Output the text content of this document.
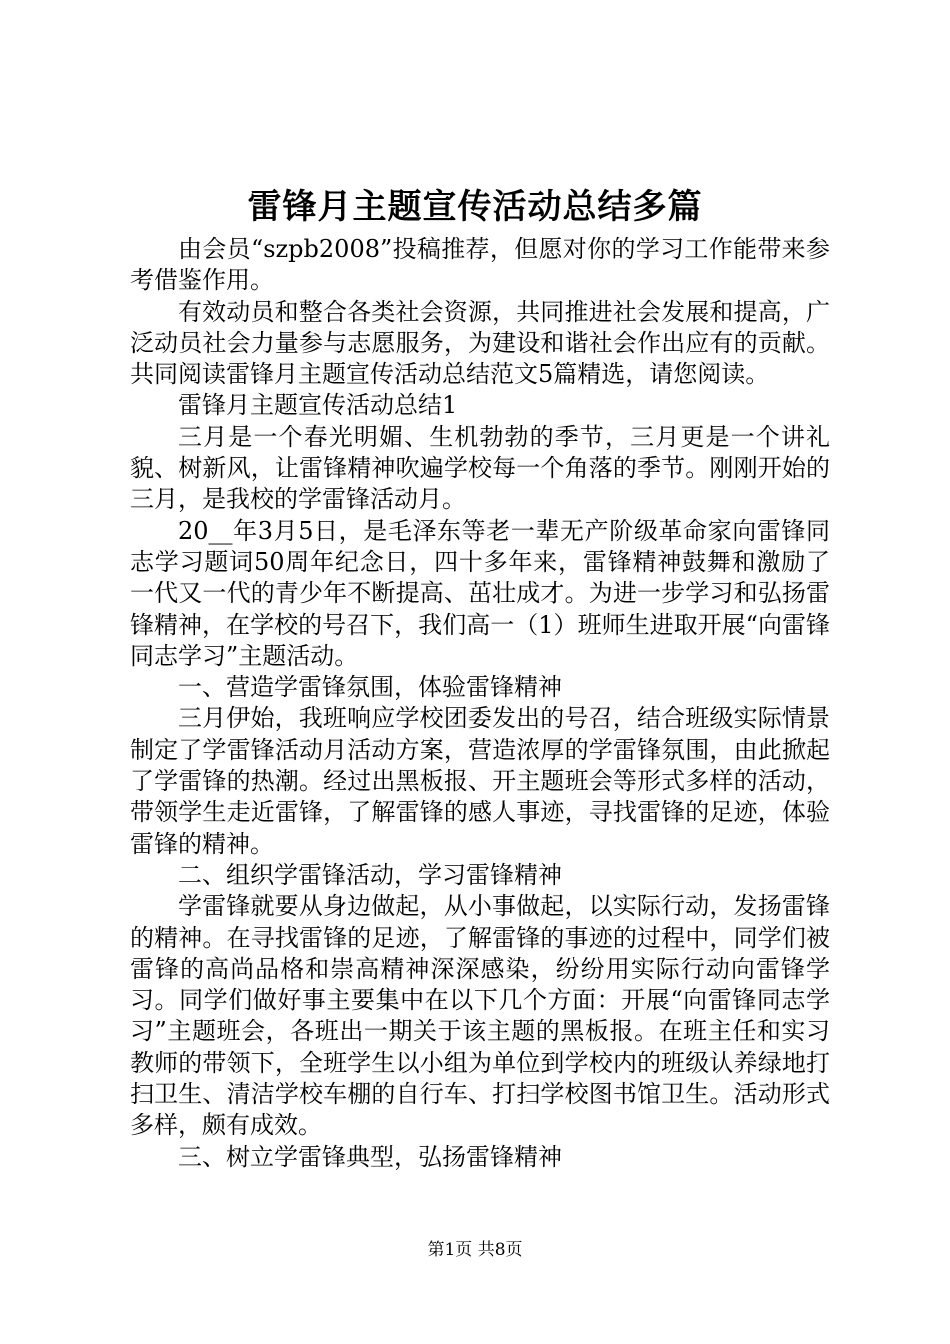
雷锋月主题宣传活动总结多篇

由会员“szpb2008”投稿推荐，但愿对你的学习工作能带来参考借鉴作用。

有效动员和整合各类社会资源，共同推进社会发展和提高，广泛动员社会力量参与志愿服务，为建设和谐社会作出应有的贡献。共同阅读雷锋月主题宣传活动总结范文5篇精选，请您阅读。

雷锋月主题宣传活动总结1

三月是一个春光明媚、生机勃勃的季节，三月更是一个讲礼貌、树新风，让雷锋精神吹遍学校每一个角落的季节。刚刚开始的三月，是我校的学雷锋活动月。

20__年3月5日，是毛泽东等老一辈无产阶级革命家向雷锋同志学习题词50周年纪念日，四十多年来，雷锋精神鼓舞和激励了一代又一代的青少年不断提高、茁壮成才。为进一步学习和弘扬雷锋精神，在学校的号召下，我们高一（1）班师生进取开展“向雷锋同志学习”主题活动。

一、营造学雷锋氛围，体验雷锋精神

三月伊始，我班响应学校团委发出的号召，结合班级实际情景制定了学雷锋活动月活动方案，营造浓厚的学雷锋氛围，由此掀起了学雷锋的热潮。经过出黑板报、开主题班会等形式多样的活动，带领学生走近雷锋，了解雷锋的感人事迹，寻找雷锋的足迹，体验雷锋的精神。

二、组织学雷锋活动，学习雷锋精神

学雷锋就要从身边做起，从小事做起，以实际行动，发扬雷锋的精神。在寻找雷锋的足迹，了解雷锋的事迹的过程中，同学们被雷锋的高尚品格和崇高精神深深感染，纷纷用实际行动向雷锋学习。同学们做好事主要集中在以下几个方面：开展“向雷锋同志学习”主题班会，各班出一期关于该主题的黑板报。在班主任和实习教师的带领下，全班学生以小组为单位到学校内的班级认养绿地打扫卫生、清洁学校车棚的自行车、打扫学校图书馆卫生。活动形式多样，颇有成效。

三、树立学雷锋典型，弘扬雷锋精神

第1页 共8页
